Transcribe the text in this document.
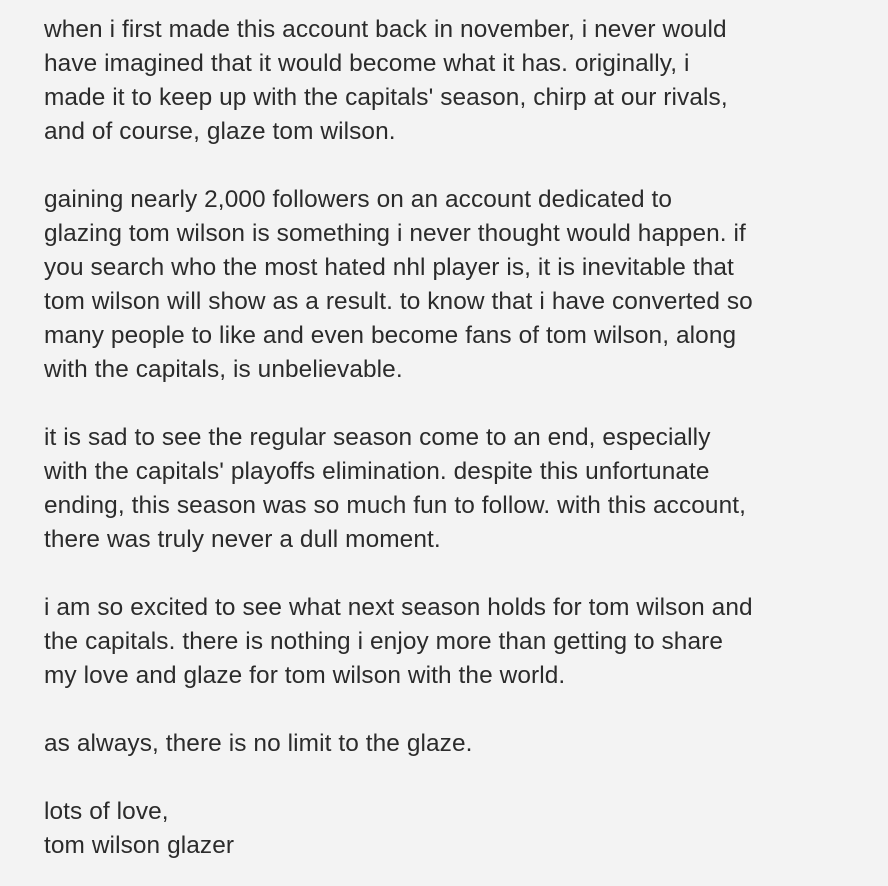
when i first made this account back in november, i never would
have imagined that it would become what it has. originally, i
made it to keep up with the capitals' season, chirp at our rivals,
and of course, glaze tom wilson.

gaining nearly 2,000 followers on an account dedicated to
glazing tom wilson is something i never thought would happen. if
you search who the most hated nhl player is, it is inevitable that
tom wilson will show as a result. to know that i have converted so
many people to like and even become fans of tom wilson, along
with the capitals, is unbelievable.

it is sad to see the regular season come to an end, especially
with the capitals' playoffs elimination. despite this unfortunate
ending, this season was so much fun to follow. with this account,
there was truly never a dull moment.

i am so excited to see what next season holds for tom wilson and
the capitals. there is nothing i enjoy more than getting to share
my love and glaze for tom wilson with the world.

as always, there is no limit to the glaze.

lots of love,
tom wilson glazer
